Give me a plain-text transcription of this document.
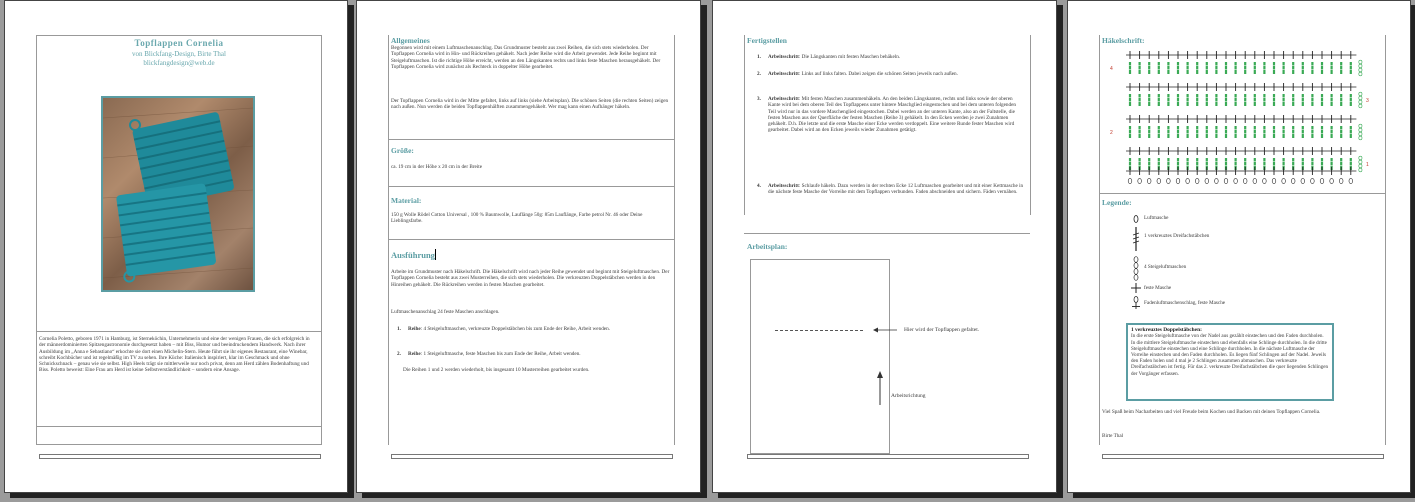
Topflappen Cornelia
von Blickfang-Design, Birte Thal
blickfangdesign@web.de
Cornelia Poletto, geboren 1971 in Hamburg, ist Sterneköchin, Unternehmerin und eine der wenigen Frauen, die sich erfolgreich in der männerdominierten Spitzengastronomie durchgesetzt haben – mit Biss, Humor und beeindruckendem Handwerk. Nach ihrer Ausbildung im „Anna e Sebastiano“ erkochte sie dort einen Michelin-Stern. Heute führt sie ihr eigenes Restaurant, eine Winebar, schreibt Kochbücher und ist regelmäßig im TV zu sehen. Ihre Küche: Italienisch inspiriert, klar im Geschmack und ohne Schnickschnack – genau wie sie selbst. High Heels trägt sie mittlerweile nur noch privat, denn am Herd zählen Bodenhaftung und Biss. Poletto beweist: Eine Frau am Herd ist keine Selbstverständlichkeit – sondern eine Ansage.
Allgemeines
Begonnen wird mit einem Luftmaschenanschlag. Das Grundmuster besteht aus zwei Reihen, die sich stets wiederholen. Der Topflappen Cornelia wird in Hin- und Rückreihen gehäkelt. Nach jeder Reihe wird die Arbeit gewendet. Jede Reihe beginnt mit Steigeluftmaschen. Ist die richtige Höhe erreicht, werden an den Längskanten rechts und links feste Maschen herausgehäkelt. Der Topflappen Cornelia wird zunächst als Rechteck in doppelter Höhe gearbeitet.
Der Topflappen Cornelia wird in der Mitte gefaltet, links auf links (siehe Arbeitsplan). Die schönen Seiten (die rechten Seiten) zeigen nach außen. Nun werden die beiden Topflappenhälften zusammengehäkelt. Wer mag kann einen Aufhänger häkeln.
Größe:
ca. 19 cm in der Höhe x 20 cm in der Breite
Material:
150 g Wolle Rödel Cotton Universal , 100 % Baumwolle, Lauflänge 50g: 85m Lauflänge, Farbe petrol Nr. 46 oder Deine Lieblingsfarbe.
Ausführung
Arbeite im Grundmuster nach Häkelschrift. Die Häkelschrift wird nach jeder Reihe gewendet und beginnt mit Steigeluftmaschen. Der Topflappen Cornelia besteht aus zwei Musterreihen, die sich stets wiederholen. Die verkreuzten Doppelstäbchen werden in den Hinreihen gehäkelt. Die Rückreihen werden in festen Maschen gearbeitet.
Luftmaschenanschlag 24 feste Maschen anschlagen.
1. Reihe: 4 Steigeluftmaschen, verkreuzte Doppelstäbchen bis zum Ende der Reihe, Arbeit wenden.
2. Reihe: 1 Steigeluftmasche, feste Maschen bis zum Ende der Reihe, Arbeit wenden.
Die Reihen 1 und 2 werden wiederholt, bis insgesamt 10 Musterreihen gearbeitet wurden.
Fertigstellen
1. Arbeitsschritt: Die Längskanten mit festen Maschen behäkeln.
2. Arbeitsschritt: Links auf links falten. Dabei zeigen die schönen Seiten jeweils nach außen.
3. Arbeitsschritt: Mit festen Maschen zusammenhäkeln. An den beiden Längskanten, rechts und links sowie der oberen Kante wird bei dem oberen Teil des Topflappens unter hintere Maschglied eingestochen und bei dem unteren folgenden Teil wird nur in das vordere Maschenglied eingestochen. Dabei werden an der unteren Kante, also an der Faltstelle, die festen Maschen aus der Querfläche der festen Maschen (Reihe 3) gehäkelt. In den Ecken werden je zwei Zunahmen gehäkelt. D.h. Die letzte und die erste Masche einer Ecke werden verdoppelt. Eine weitere Runde fester Maschen wird gearbeitet. Dabei wird an den Ecken jeweils wieder Zunahmen getätigt.
4. Arbeitsschritt: Schlaufe häkeln. Dazu werden in der rechten Ecke 12 Luftmaschen gearbeitet und mit einer Kettmasche in die nächste feste Masche der Vorreihe mit dem Topflappen verbunden. Faden abschneiden und sichern. Fäden vernähen.
Arbeitsplan:
Hier wird der Topflappen gefaltet.
Arbeitsrichtung
Häkelschrift:
4
3
2
1
Legende:
Luftmasche
1 verkreuztes Dreifachstäbchen
4 Steigeluftmaschen
feste Masche
Fadenluftmaschenschlag, feste Masche
1 verkreuztes Doppelstäbchen:
In die erste Steigeluftmasche von der Nadel aus gezählt einstechen und den Faden durchholen. In die mittlere Steigeluftmasche einstechen und ebenfalls eine Schlinge durchholen. In die dritte Steigeluftmasche einstechen und eine Schlinge durchholen. In die nächste Luftmasche der Vorreihe einstechen und den Faden durchholen. Es liegen fünf Schlingen auf der Nadel. Jeweils den Faden holen und 4 mal je 2 Schlingen zusammen abmaschen. Das verkreuzte Dreifachstäbchen ist fertig. Für das 2. verkreuzte Dreifachstäbchen die quer liegenden Schlingen der Vorgänger erfassen.
Viel Spaß beim Nacharbeiten und viel Freude beim Kochen und Backen mit deinen Topflappen Cornelia.
Birte Thal
